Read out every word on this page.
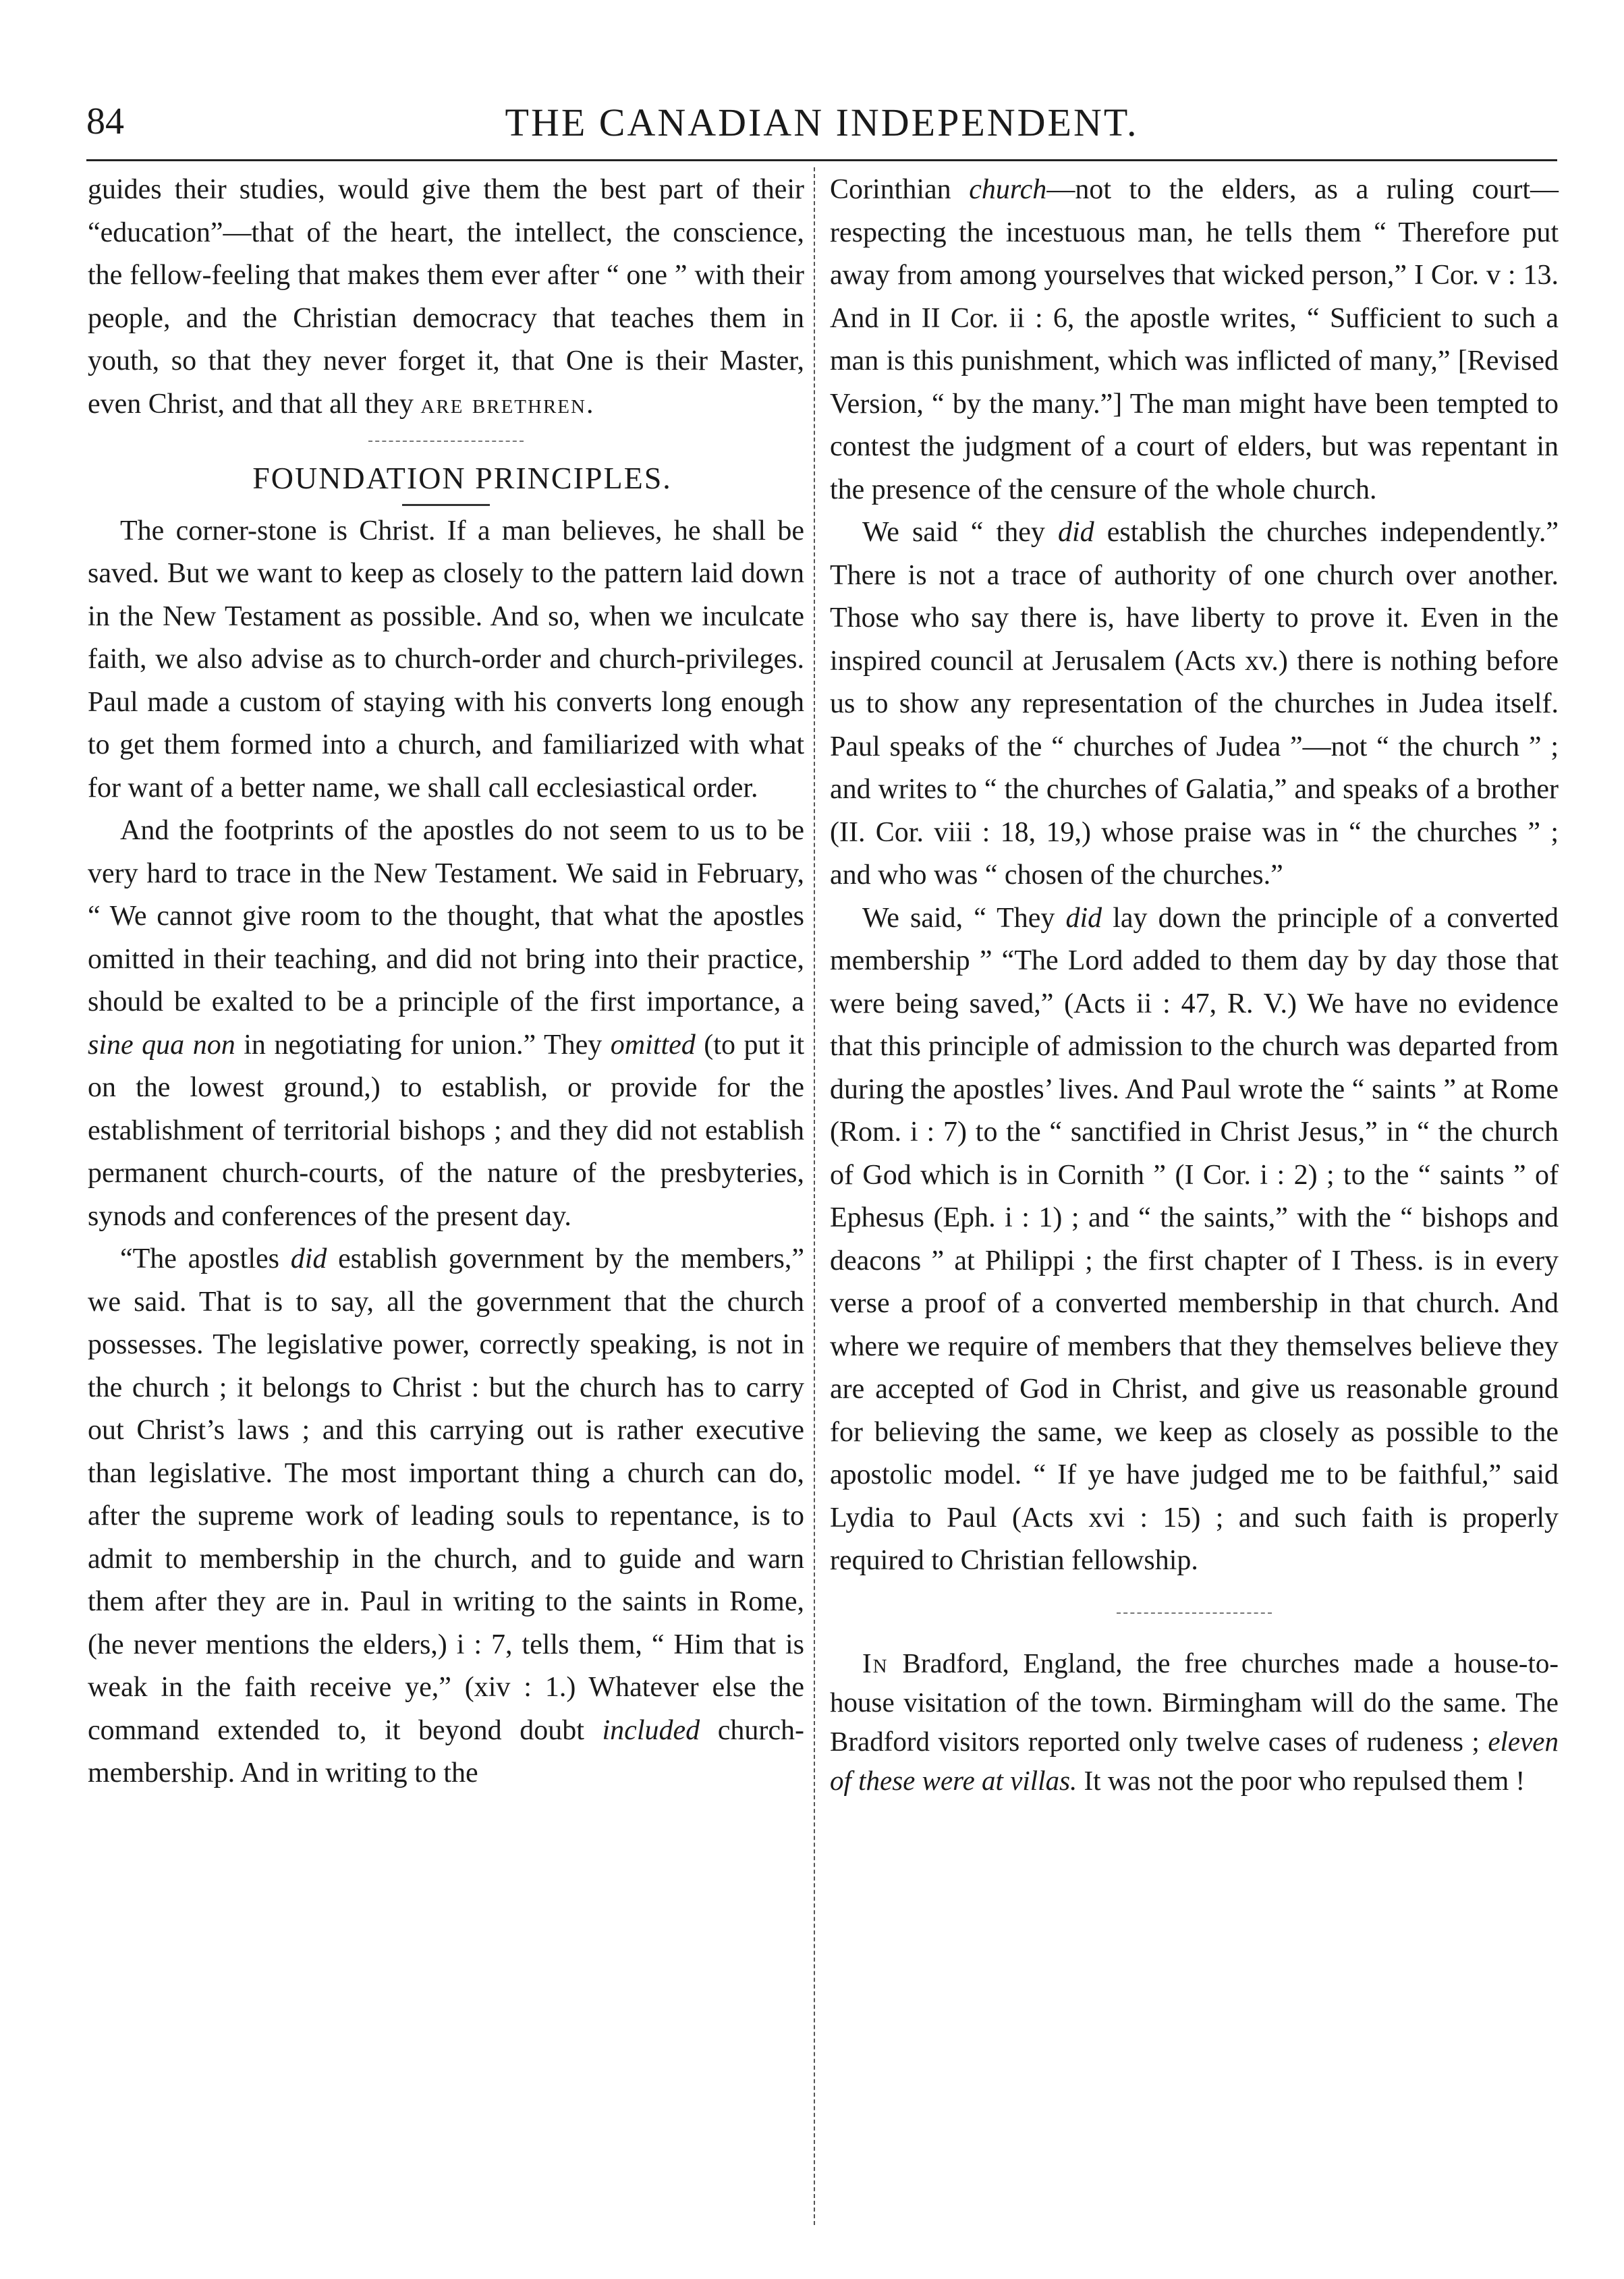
84	THE CANADIAN INDEPENDENT.

guides their studies, would give them the best part of their “education”—that of the heart, the intellect, the conscience, the fellow-feeling that makes them ever after “ one ” with their people, and the Christian democracy that teaches them in youth, so that they never forget it, that One is their Master, even Christ, and that all they are brethren.

FOUNDATION PRINCIPLES.

The corner-stone is Christ. If a man believes, he shall be saved. But we want to keep as closely to the pattern laid down in the New Testament as possible. And so, when we inculcate faith, we also advise as to church-order and church-privileges. Paul made a custom of staying with his converts long enough to get them formed into a church, and familiarized with what for want of a better name, we shall call ecclesiastical order.

And the footprints of the apostles do not seem to us to be very hard to trace in the New Testament. We said in February, “ We cannot give room to the thought, that what the apostles omitted in their teaching, and did not bring into their practice, should be exalted to be a principle of the first importance, a sine qua non in negotiating for union.” They omitted (to put it on the lowest ground,) to establish, or provide for the establishment of territorial bishops ; and they did not establish permanent church-courts, of the nature of the presbyteries, synods and conferences of the present day.

“The apostles did establish government by the members,” we said. That is to say, all the government that the church possesses. The legislative power, correctly speaking, is not in the church ; it belongs to Christ : but the church has to carry out Christ’s laws ; and this carrying out is rather executive than legislative. The most important thing a church can do, after the supreme work of leading souls to repentance, is to admit to membership in the church, and to guide and warn them after they are in. Paul in writing to the saints in Rome, (he never mentions the elders,) i : 7, tells them, “ Him that is weak in the faith receive ye,” (xiv : 1.) Whatever else the command extended to, it beyond doubt included church-membership. And in writing to the

Corinthian church—not to the elders, as a ruling court—respecting the incestuous man, he tells them “ Therefore put away from among yourselves that wicked person,” I Cor. v : 13. And in II Cor. ii : 6, the apostle writes, “ Sufficient to such a man is this punishment, which was inflicted of many,” [Revised Version, “ by the many.”] The man might have been tempted to contest the judgment of a court of elders, but was repentant in the presence of the censure of the whole church.

We said “ they did establish the churches independently.” There is not a trace of authority of one church over another. Those who say there is, have liberty to prove it. Even in the inspired council at Jerusalem (Acts xv.) there is nothing before us to show any representation of the churches in Judea itself. Paul speaks of the “ churches of Judea ”—not “ the church ” ; and writes to “ the churches of Galatia,” and speaks of a brother (II. Cor. viii : 18, 19,) whose praise was in “ the churches ” ; and who was “ chosen of the churches.”

We said, “ They did lay down the principle of a converted membership ” “The Lord added to them day by day those that were being saved,” (Acts ii : 47, R. V.) We have no evidence that this principle of admission to the church was departed from during the apostles’ lives. And Paul wrote the “ saints ” at Rome (Rom. i : 7) to the “ sanctified in Christ Jesus,” in “ the church of God which is in Cornith ” (I Cor. i : 2) ; to the “ saints ” of Ephesus (Eph. i : 1) ; and “ the saints,” with the “ bishops and deacons ” at Philippi ; the first chapter of I Thess. is in every verse a proof of a converted membership in that church. And where we require of members that they themselves believe they are accepted of God in Christ, and give us reasonable ground for believing the same, we keep as closely as possible to the apostolic model. “ If ye have judged me to be faithful,” said Lydia to Paul (Acts xvi : 15) ; and such faith is properly required to Christian fellowship.

In Bradford, England, the free churches made a house-to-house visitation of the town. Birmingham will do the same. The Bradford visitors reported only twelve cases of rudeness ; eleven of these were at villas. It was not the poor who repulsed them !
